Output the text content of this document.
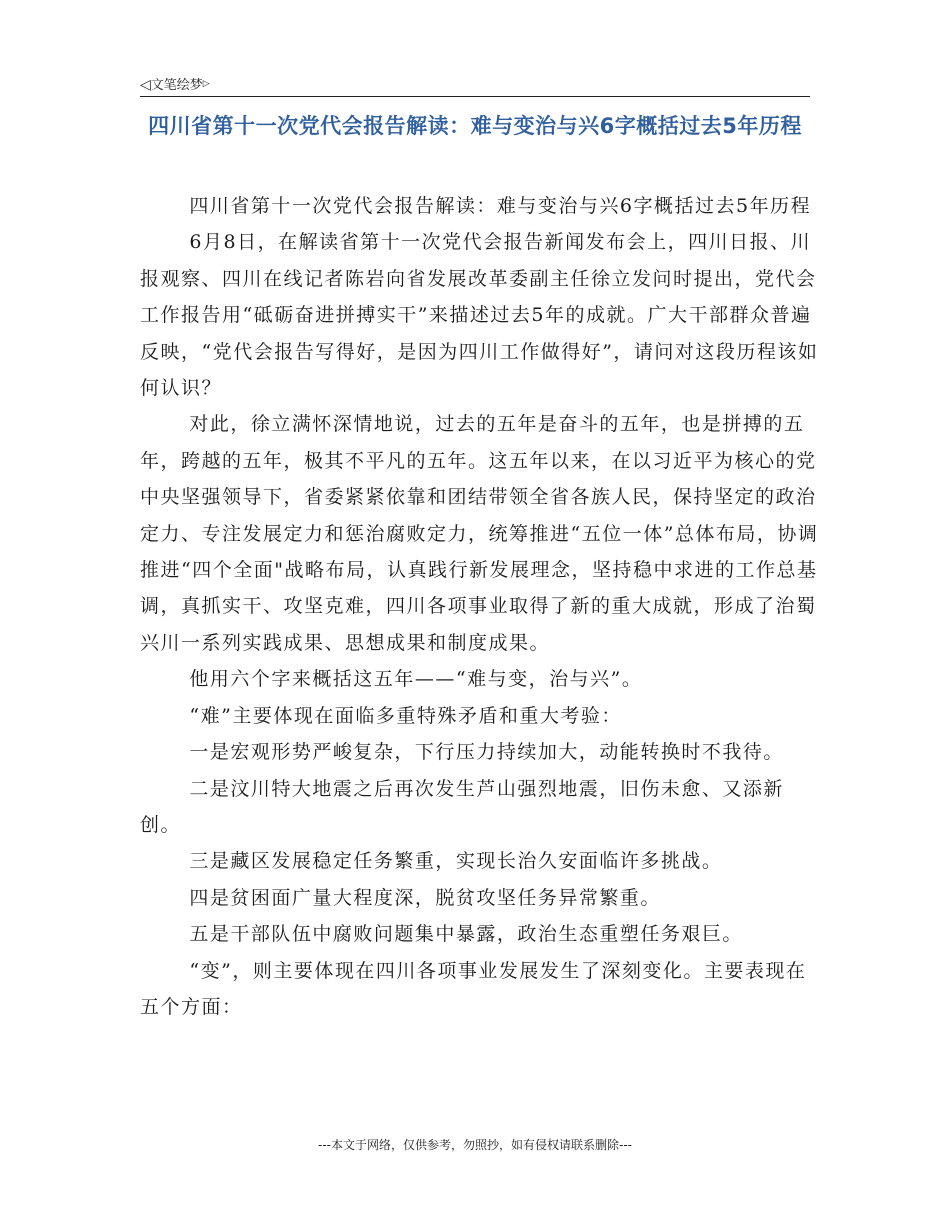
◁文笔绘梦▷
四川省第十一次党代会报告解读：难与变治与兴6字概括过去5年历程

四川省第十一次党代会报告解读：难与变治与兴6字概括过去5年历程

6月8日，在解读省第十一次党代会报告新闻发布会上，四川日报、川报观察、四川在线记者陈岩向省发展改革委副主任徐立发问时提出，党代会工作报告用“砥砺奋进拼搏实干”来描述过去5年的成就。广大干部群众普遍反映，“党代会报告写得好，是因为四川工作做得好”，请问对这段历程该如何认识？

对此，徐立满怀深情地说，过去的五年是奋斗的五年，也是拼搏的五年，跨越的五年，极其不平凡的五年。这五年以来，在以习近平为核心的党中央坚强领导下，省委紧紧依靠和团结带领全省各族人民，保持坚定的政治定力、专注发展定力和惩治腐败定力，统筹推进“五位一体”总体布局，协调推进“四个全面"战略布局，认真践行新发展理念，坚持稳中求进的工作总基调，真抓实干、攻坚克难，四川各项事业取得了新的重大成就，形成了治蜀兴川一系列实践成果、思想成果和制度成果。

他用六个字来概括这五年——“难与变，治与兴”。

“难”主要体现在面临多重特殊矛盾和重大考验：

一是宏观形势严峻复杂，下行压力持续加大，动能转换时不我待。

二是汶川特大地震之后再次发生芦山强烈地震，旧伤未愈、又添新创。

三是藏区发展稳定任务繁重，实现长治久安面临许多挑战。

四是贫困面广量大程度深，脱贫攻坚任务异常繁重。

五是干部队伍中腐败问题集中暴露，政治生态重塑任务艰巨。

“变”，则主要体现在四川各项事业发展发生了深刻变化。主要表现在五个方面：

---本文于网络，仅供参考，勿照抄，如有侵权请联系删除---
